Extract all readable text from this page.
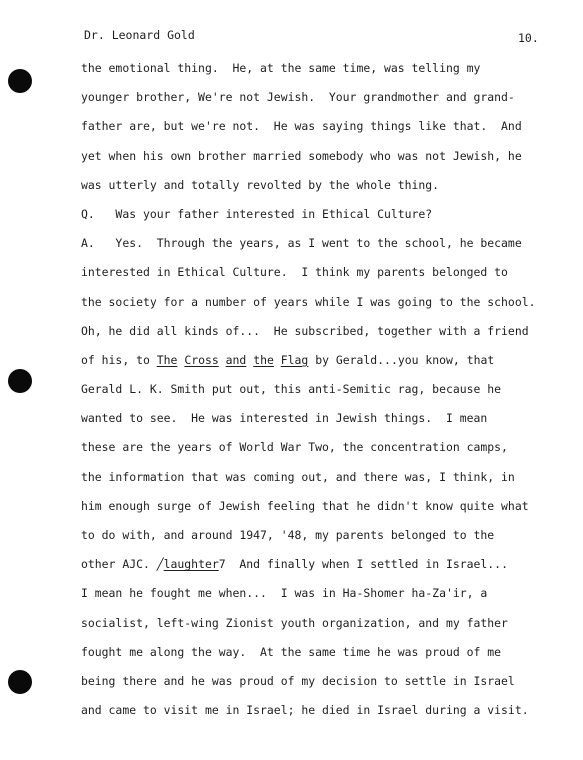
Dr. Leonard Gold	10.
the emotional thing.  He, at the same time, was telling my
younger brother, We're not Jewish.  Your grandmother and grand-
father are, but we're not.  He was saying things like that.  And
yet when his own brother married somebody who was not Jewish, he
was utterly and totally revolted by the whole thing.
Q.   Was your father interested in Ethical Culture?
A.   Yes.  Through the years, as I went to the school, he became
interested in Ethical Culture.  I think my parents belonged to
the society for a number of years while I was going to the school.
Oh, he did all kinds of...  He subscribed, together with a friend
of his, to The Cross and the Flag by Gerald...you know, that
Gerald L. K. Smith put out, this anti-Semitic rag, because he
wanted to see.  He was interested in Jewish things.  I mean
these are the years of World War Two, the concentration camps,
the information that was coming out, and there was, I think, in
him enough surge of Jewish feeling that he didn't know quite what
to do with, and around 1947, '48, my parents belonged to the
other AJC. ╱ laughter7  And finally when I settled in Israel...
I mean he fought me when...  I was in Ha-Shomer ha-Za'ir, a
socialist, left-wing Zionist youth organization, and my father
fought me along the way.  At the same time he was proud of me
being there and he was proud of my decision to settle in Israel
and came to visit me in Israel; he died in Israel during a visit.
